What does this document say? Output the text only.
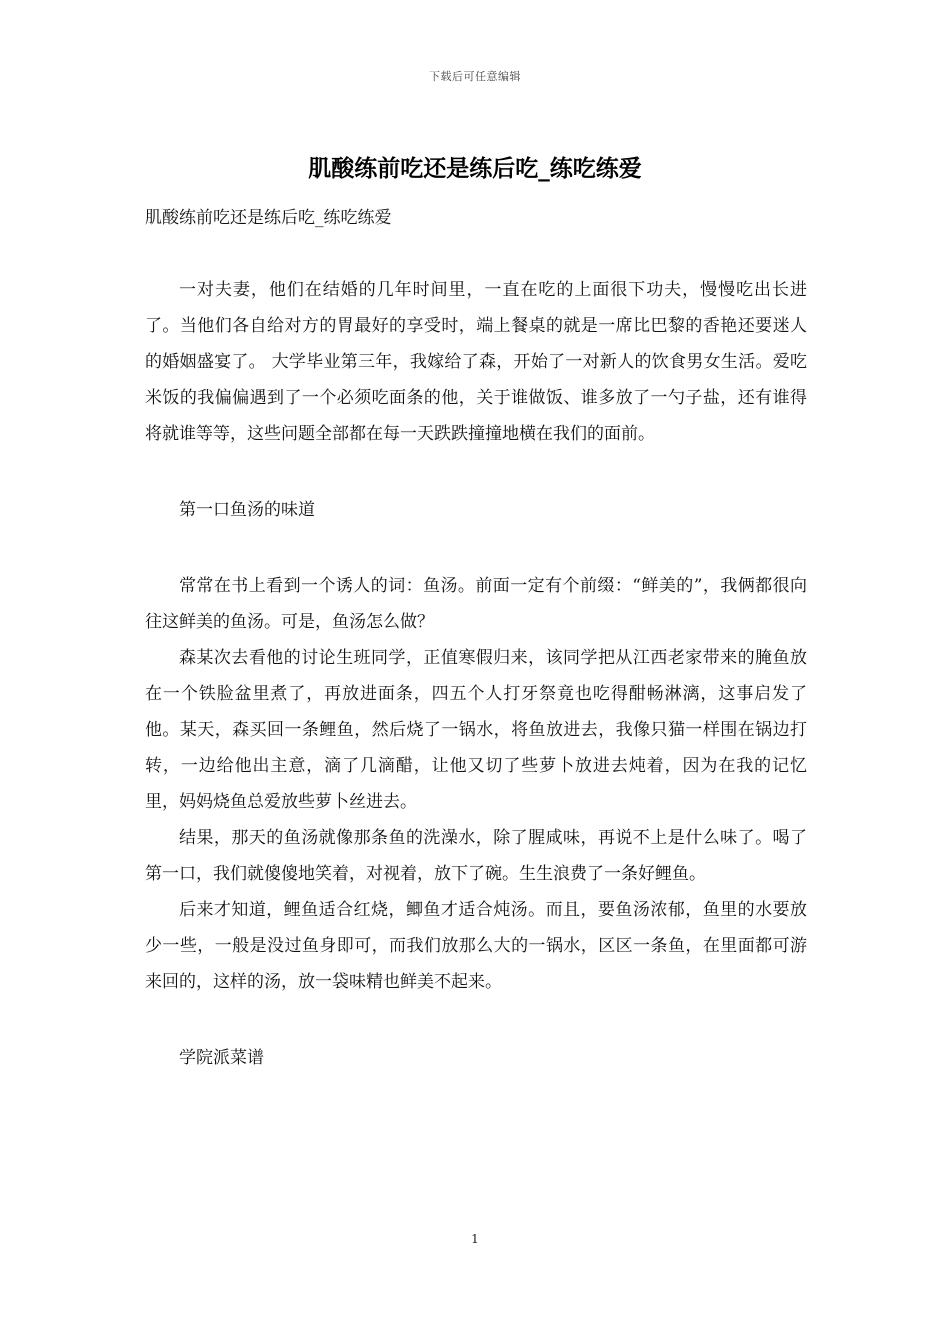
下载后可任意编辑
肌酸练前吃还是练后吃_练吃练爱

肌酸练前吃还是练后吃_练吃练爱

一对夫妻，他们在结婚的几年时间里，一直在吃的上面很下功夫，慢慢吃出长进了。当他们各自给对方的胃最好的享受时，端上餐桌的就是一席比巴黎的香艳还要迷人的婚姻盛宴了。 大学毕业第三年，我嫁给了森，开始了一对新人的饮食男女生活。爱吃米饭的我偏偏遇到了一个必须吃面条的他，关于谁做饭、谁多放了一勺子盐，还有谁得将就谁等等，这些问题全部都在每一天跌跌撞撞地横在我们的面前。

第一口鱼汤的味道

常常在书上看到一个诱人的词：鱼汤。前面一定有个前缀：“鲜美的”，我俩都很向往这鲜美的鱼汤。可是，鱼汤怎么做？

森某次去看他的讨论生班同学，正值寒假归来，该同学把从江西老家带来的腌鱼放在一个铁脸盆里煮了，再放进面条，四五个人打牙祭竟也吃得酣畅淋漓，这事启发了他。某天，森买回一条鲤鱼，然后烧了一锅水，将鱼放进去，我像只猫一样围在锅边打转，一边给他出主意，滴了几滴醋，让他又切了些萝卜放进去炖着，因为在我的记忆里，妈妈烧鱼总爱放些萝卜丝进去。

结果，那天的鱼汤就像那条鱼的洗澡水，除了腥咸味，再说不上是什么味了。喝了第一口，我们就傻傻地笑着，对视着，放下了碗。生生浪费了一条好鲤鱼。

后来才知道，鲤鱼适合红烧，鲫鱼才适合炖汤。而且，要鱼汤浓郁，鱼里的水要放少一些，一般是没过鱼身即可，而我们放那么大的一锅水，区区一条鱼，在里面都可游来回的，这样的汤，放一袋味精也鲜美不起来。

学院派菜谱

1
